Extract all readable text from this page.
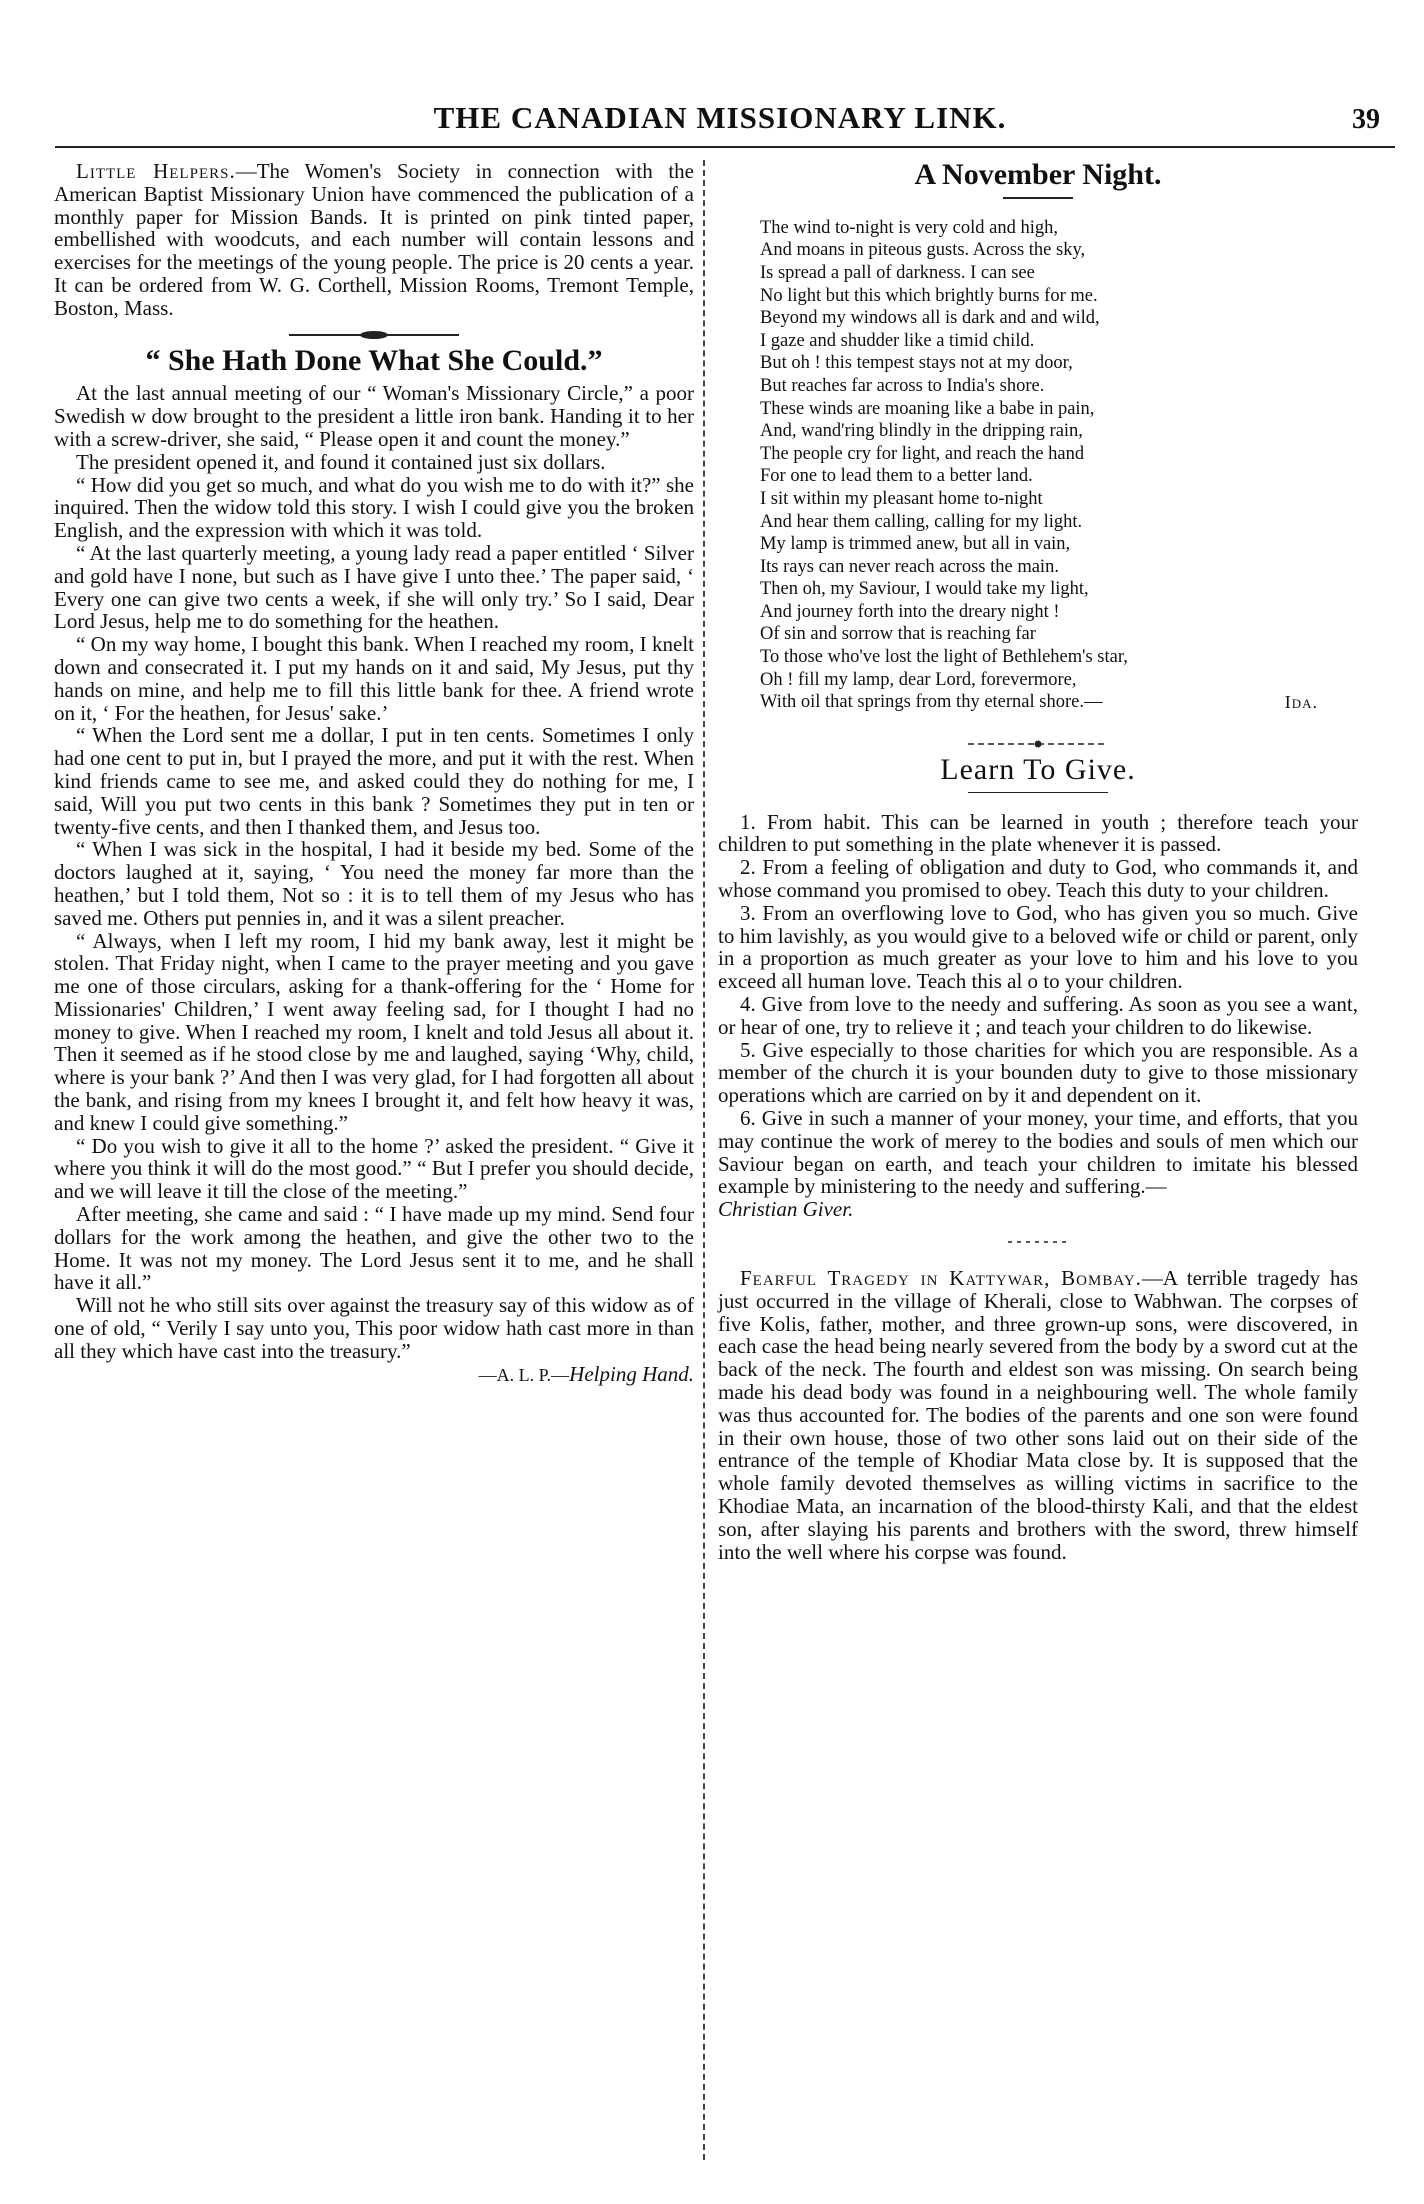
THE CANADIAN MISSIONARY LINK.	39

Little Helpers.—The Women's Society in connection with the American Baptist Missionary Union have commenced the publication of a monthly paper for Mission Bands. It is printed on pink tinted paper, embellished with woodcuts, and each number will contain lessons and exercises for the meetings of the young people. The price is 20 cents a year. It can be ordered from W. G. Corthell, Mission Rooms, Tremont Temple, Boston, Mass.

“ She Hath Done What She Could.”

At the last annual meeting of our “ Woman's Missionary Circle,” a poor Swedish w dow brought to the president a little iron bank. Handing it to her with a screw-driver, she said, “ Please open it and count the money.”

The president opened it, and found it contained just six dollars.

“ How did you get so much, and what do you wish me to do with it?” she inquired. Then the widow told this story. I wish I could give you the broken English, and the expression with which it was told.

“ At the last quarterly meeting, a young lady read a paper entitled ‘ Silver and gold have I none, but such as I have give I unto thee.’ The paper said, ‘ Every one can give two cents a week, if she will only try.’ So I said, Dear Lord Jesus, help me to do something for the heathen.

“ On my way home, I bought this bank. When I reached my room, I knelt down and consecrated it. I put my hands on it and said, My Jesus, put thy hands on mine, and help me to fill this little bank for thee. A friend wrote on it, ‘ For the heathen, for Jesus' sake.’

“ When the Lord sent me a dollar, I put in ten cents. Sometimes I only had one cent to put in, but I prayed the more, and put it with the rest. When kind friends came to see me, and asked could they do nothing for me, I said, Will you put two cents in this bank ? Sometimes they put in ten or twenty-five cents, and then I thanked them, and Jesus too.

“ When I was sick in the hospital, I had it beside my bed. Some of the doctors laughed at it, saying, ‘ You need the money far more than the heathen,’ but I told them, Not so : it is to tell them of my Jesus who has saved me. Others put pennies in, and it was a silent preacher.

“ Always, when I left my room, I hid my bank away, lest it might be stolen. That Friday night, when I came to the prayer meeting and you gave me one of those circulars, asking for a thank-offering for the ‘ Home for Missionaries' Children,’ I went away feeling sad, for I thought I had no money to give. When I reached my room, I knelt and told Jesus all about it. Then it seemed as if he stood close by me and laughed, saying ‘Why, child, where is your bank ?’ And then I was very glad, for I had forgotten all about the bank, and rising from my knees I brought it, and felt how heavy it was, and knew I could give something.”

“ Do you wish to give it all to the home ?’ asked the president. “ Give it where you think it will do the most good.” “ But I prefer you should decide, and we will leave it till the close of the meeting.”

After meeting, she came and said : “ I have made up my mind. Send four dollars for the work among the heathen, and give the other two to the Home. It was not my money. The Lord Jesus sent it to me, and he shall have it all.”

Will not he who still sits over against the treasury say of this widow as of one of old, “ Verily I say unto you, This poor widow hath cast more in than all they which have cast into the treasury.”

—A. L. P.—Helping Hand.

A November Night.
The wind to-night is very cold and high,
And moans in piteous gusts. Across the sky,
Is spread a pall of darkness. I can see
No light but this which brightly burns for me.
Beyond my windows all is dark and and wild,
I gaze and shudder like a timid child.
But oh ! this tempest stays not at my door,
But reaches far across to India's shore.
These winds are moaning like a babe in pain,
And, wand'ring blindly in the dripping rain,
The people cry for light, and reach the hand
For one to lead them to a better land.
I sit within my pleasant home to-night
And hear them calling, calling for my light.
My lamp is trimmed anew, but all in vain,
Its rays can never reach across the main.
Then oh, my Saviour, I would take my light,
And journey forth into the dreary night !
Of sin and sorrow that is reaching far
To those who've lost the light of Bethlehem's star,
Oh ! fill my lamp, dear Lord, forevermore,
With oil that springs from thy eternal shore.—	Ida.
Learn To Give.

1. From habit. This can be learned in youth ; therefore teach your children to put something in the plate whenever it is passed.

2. From a feeling of obligation and duty to God, who commands it, and whose command you promised to obey. Teach this duty to your children.

3. From an overflowing love to God, who has given you so much. Give to him lavishly, as you would give to a beloved wife or child or parent, only in a proportion as much greater as your love to him and his love to you exceed all human love. Teach this al o to your children.

4. Give from love to the needy and suffering. As soon as you see a want, or hear of one, try to relieve it ; and teach your children to do likewise.

5. Give especially to those charities for which you are responsible. As a member of the church it is your bounden duty to give to those missionary operations which are carried on by it and dependent on it.

6. Give in such a manner of your money, your time, and efforts, that you may continue the work of merey to the bodies and souls of men which our Saviour began on earth, and teach your children to imitate his blessed example by ministering to the needy and suffering.—

Christian Giver.

Fearful Tragedy in Kattywar, Bombay.—A terrible tragedy has just occurred in the village of Kherali, close to Wabhwan. The corpses of five Kolis, father, mother, and three grown-up sons, were discovered, in each case the head being nearly severed from the body by a sword cut at the back of the neck. The fourth and eldest son was missing. On search being made his dead body was found in a neighbouring well. The whole family was thus accounted for. The bodies of the parents and one son were found in their own house, those of two other sons laid out on their side of the entrance of the temple of Khodiar Mata close by. It is supposed that the whole family devoted themselves as willing victims in sacrifice to the Khodiae Mata, an incarnation of the blood-thirsty Kali, and that the eldest son, after slaying his parents and brothers with the sword, threw himself into the well where his corpse was found.
